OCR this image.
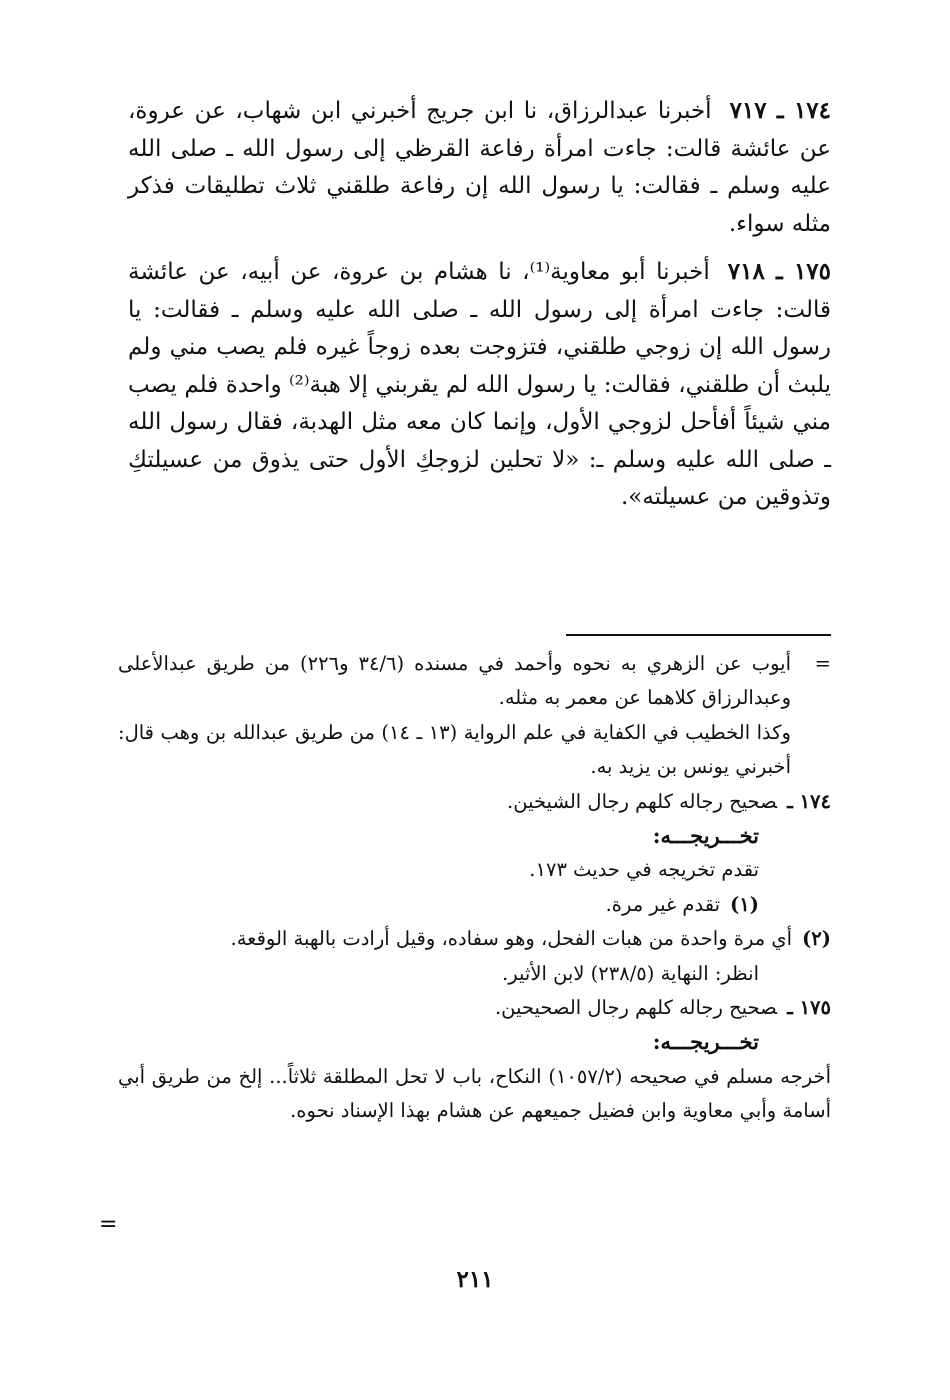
١٧٤ ـ ٧١٧أخبرنا عبدالرزاق، نا ابن جريج أخبرني ابن شهاب، عن عروة، عن عائشة قالت: جاءت امرأة رفاعة القرظي إلى رسول الله ـ صلى الله عليه وسلم ـ فقالت: يا رسول الله إن رفاعة طلقني ثلاث تطليقات فذكر مثله سواء.

١٧٥ ـ ٧١٨أخبرنا أبو معاوية⁽¹⁾، نا هشام بن عروة، عن أبيه، عن عائشة قالت: جاءت امرأة إلى رسول الله ـ صلى الله عليه وسلم ـ فقالت: يا رسول الله إن زوجي طلقني، فتزوجت بعده زوجاً غيره فلم يصب مني ولم يلبث أن طلقني، فقالت: يا رسول الله لم يقربني إلا هبة⁽²⁾ واحدة فلم يصب مني شيئاً أفأحل لزوجي الأول، وإنما كان معه مثل الهدبة، فقال رسول الله ـ صلى الله عليه وسلم ـ: «لا تحلين لزوجكِ الأول حتى يذوق من عسيلتكِ وتذوقين من عسيلته».

=أيوب عن الزهري به نحوه وأحمد في مسنده (٣٤/٦ و٢٢٦) من طريق عبدالأعلى وعبدالرزاق كلاهما عن معمر به مثله.

وكذا الخطيب في الكفاية في علم الرواية (١٣ ـ ١٤) من طريق عبدالله بن وهب قال: أخبرني يونس بن يزيد به.

١٧٤ ـصحيح رجاله كلهم رجال الشيخين.

تخـــريجـــه:

تقدم تخريجه في حديث ١٧٣.

(١)تقدم غير مرة.

(٢)أي مرة واحدة من هبات الفحل، وهو سفاده، وقيل أرادت بالهبة الوقعة.

انظر: النهاية (٢٣٨/٥) لابن الأثير.

١٧٥ ـصحيح رجاله كلهم رجال الصحيحين.

تخـــريجـــه:

أخرجه مسلم في صحيحه (١٠٥٧/٢) النكاح، باب لا تحل المطلقة ثلاثاً... إلخ من طريق أبي أسامة وأبي معاوية وابن فضيل جميعهم عن هشام بهذا الإسناد نحوه.

=
٢١١
